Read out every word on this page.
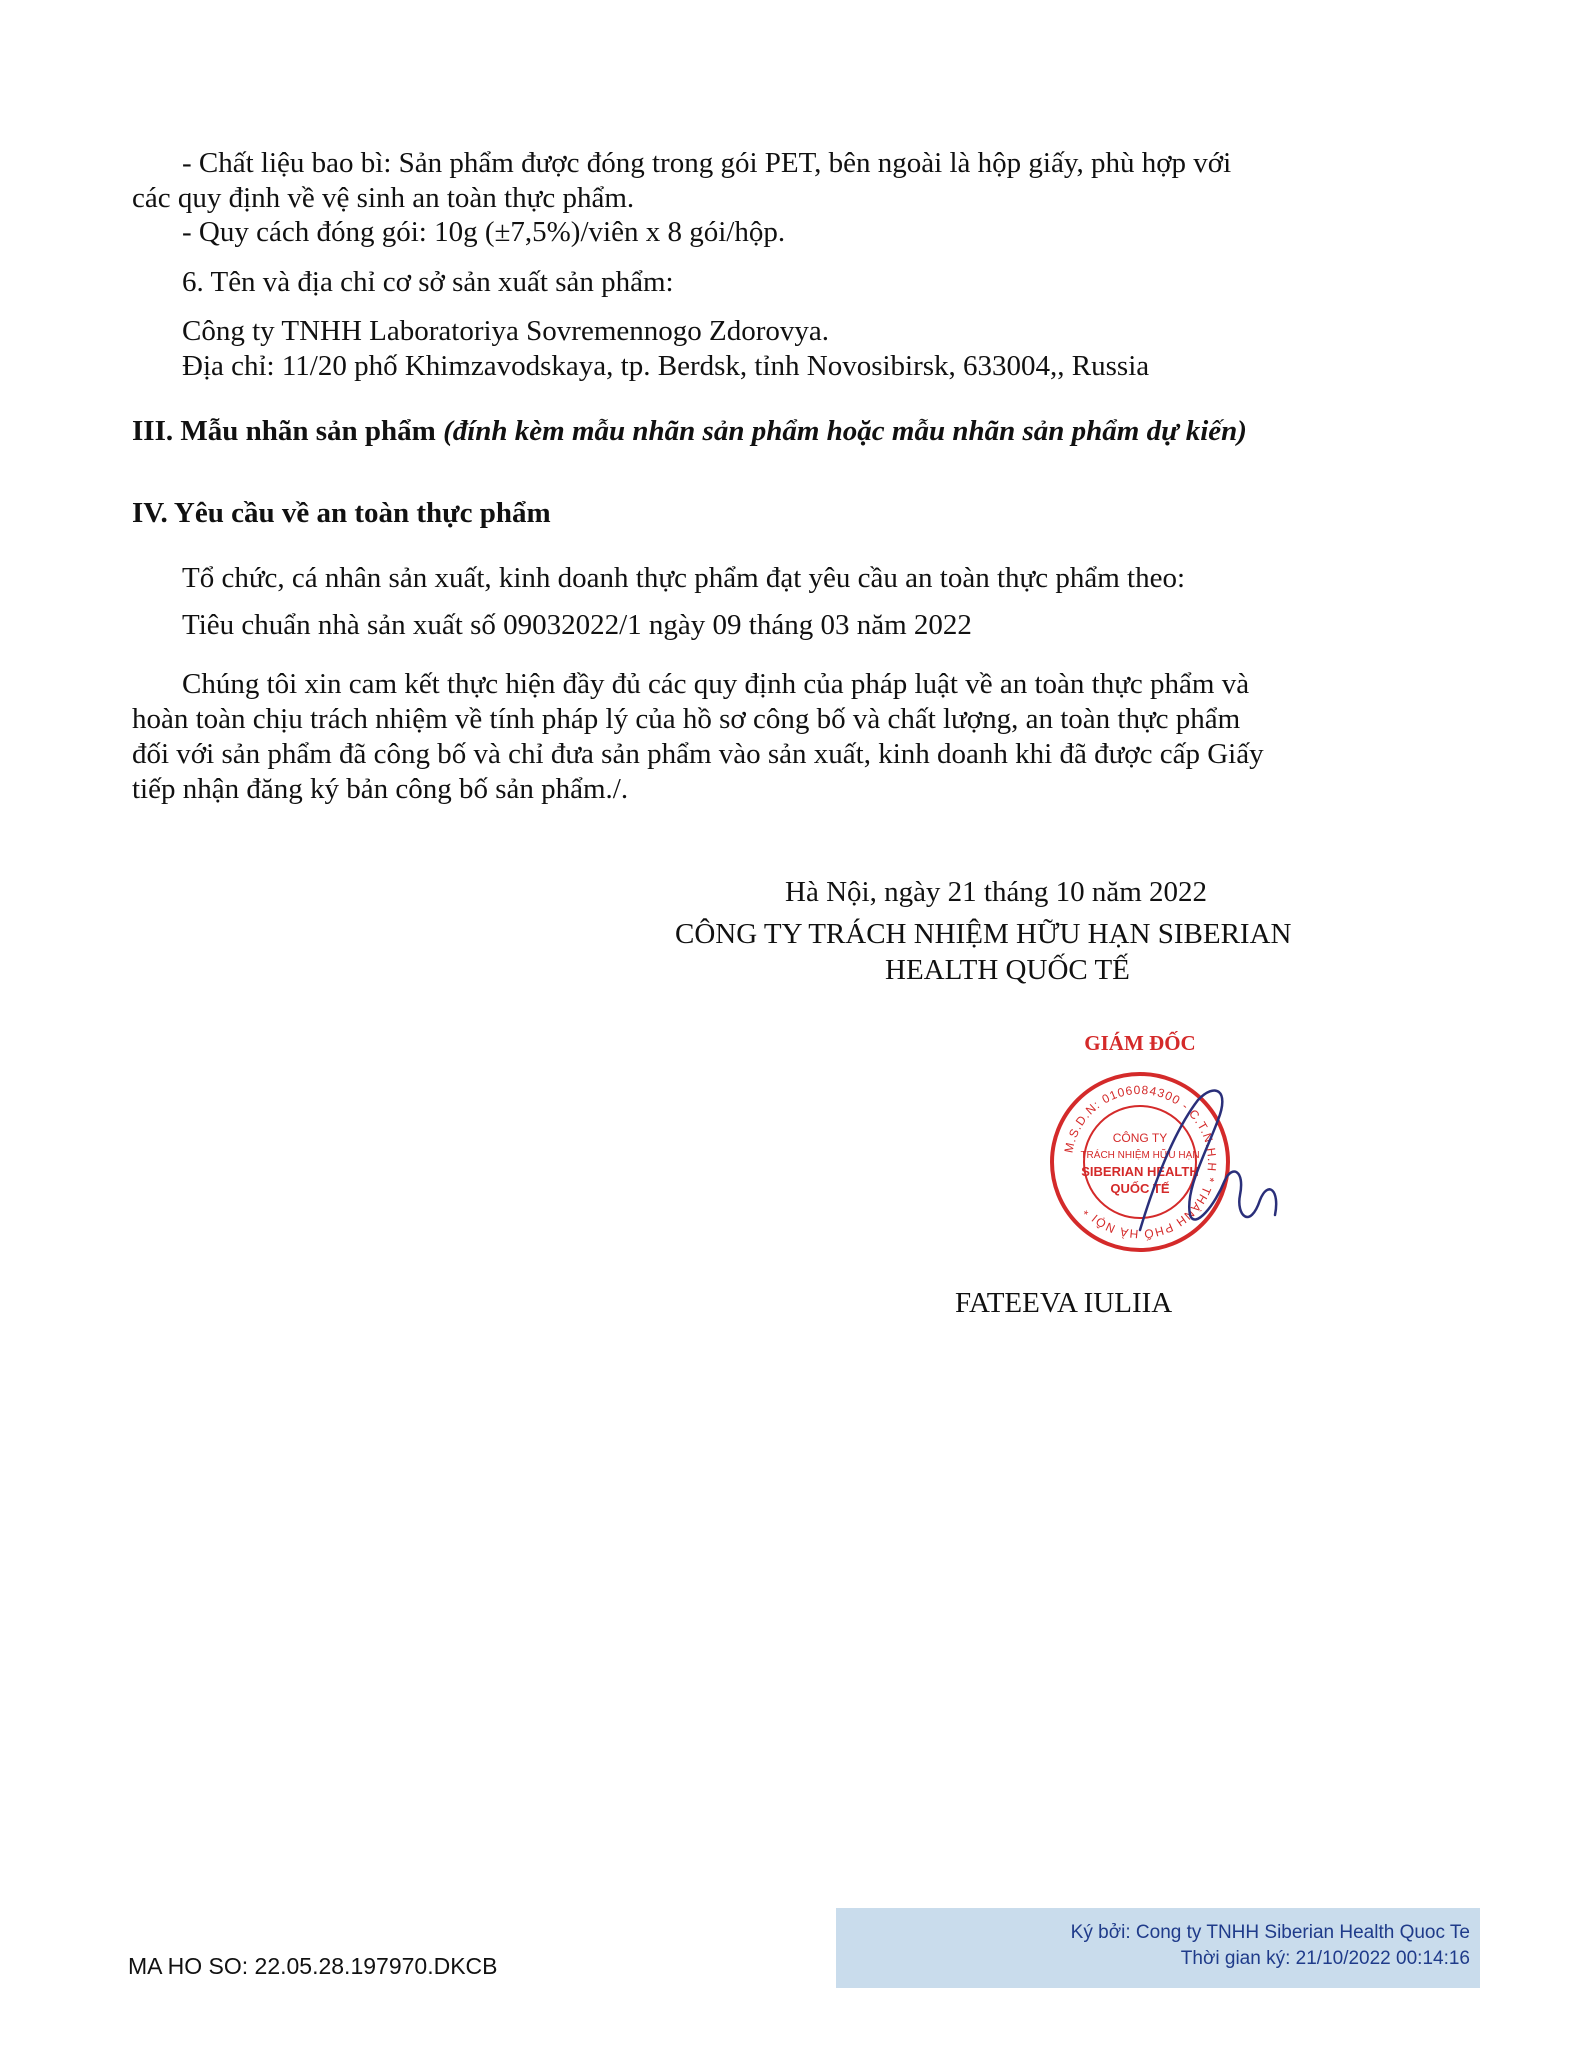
- Chất liệu bao bì: Sản phẩm được đóng trong gói PET, bên ngoài là hộp giấy, phù hợp với
các quy định về vệ sinh an toàn thực phẩm.
- Quy cách đóng gói: 10g (±7,5%)/viên x 8 gói/hộp.
6. Tên và địa chỉ cơ sở sản xuất sản phẩm:
Công ty TNHH Laboratoriya Sovremennogo Zdorovya.
Địa chỉ: 11/20 phố Khimzavodskaya, tp. Berdsk, tỉnh Novosibirsk, 633004,, Russia
III. Mẫu nhãn sản phẩm (đính kèm mẫu nhãn sản phẩm hoặc mẫu nhãn sản phẩm dự kiến)
IV. Yêu cầu về an toàn thực phẩm
Tổ chức, cá nhân sản xuất, kinh doanh thực phẩm đạt yêu cầu an toàn thực phẩm theo:
Tiêu chuẩn nhà sản xuất số 09032022/1 ngày 09 tháng 03 năm 2022
Chúng tôi xin cam kết thực hiện đầy đủ các quy định của pháp luật về an toàn thực phẩm và
hoàn toàn chịu trách nhiệm về tính pháp lý của hồ sơ công bố và chất lượng, an toàn thực phẩm
đối với sản phẩm đã công bố và chỉ đưa sản phẩm vào sản xuất, kinh doanh khi đã được cấp Giấy
tiếp nhận đăng ký bản công bố sản phẩm./.
Hà Nội, ngày 21 tháng 10 năm 2022
CÔNG TY TRÁCH NHIỆM HỮU HẠN SIBERIAN
HEALTH QUỐC TẾ
GIÁM ĐỐC
M.S.D.N: 0106084300 - C.T.N.H.H * THÀNH PHỐ HÀ NỘI *
CÔNG TY
TRÁCH NHIỆM HỮU HẠN
SIBERIAN HEALTH
QUỐC TẾ
FATEEVA IULIIA
MA HO SO: 22.05.28.197970.DKCB
Ký bởi: Cong ty TNHH Siberian Health Quoc Te
Thời gian ký: 21/10/2022 00:14:16
